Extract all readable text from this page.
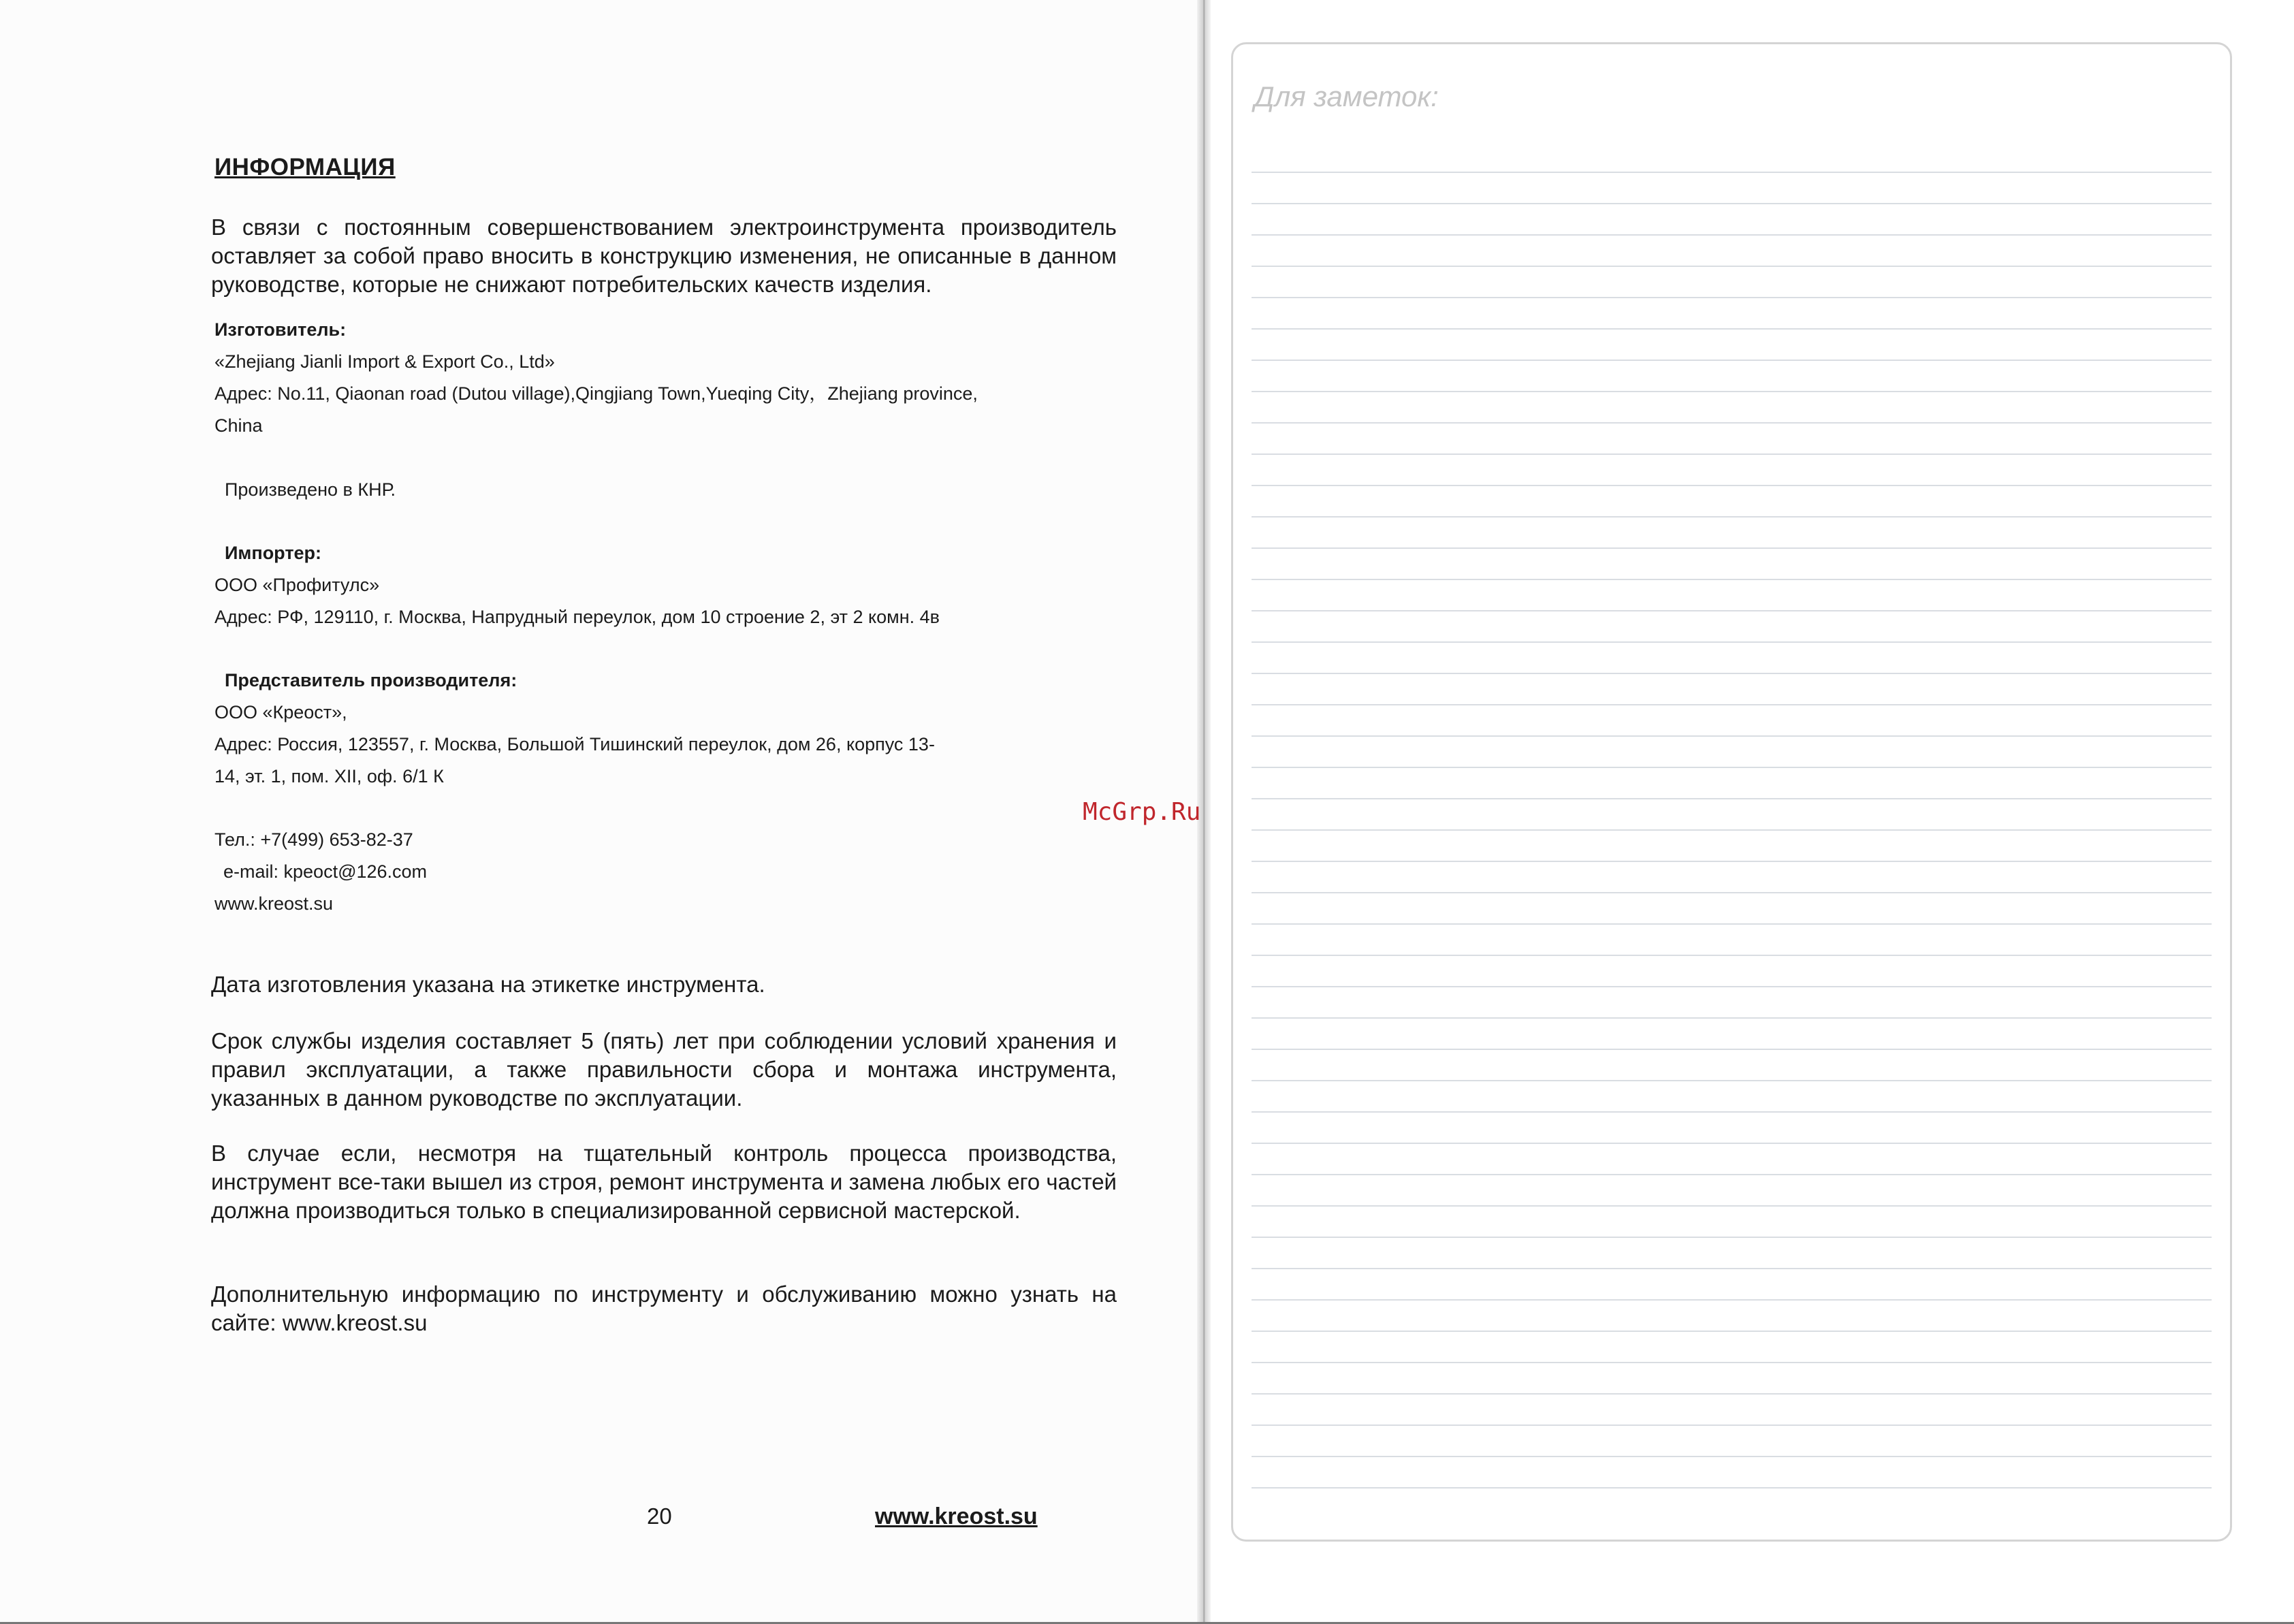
ИНФОРМАЦИЯ

В связи с постоянным совершенствованием электроинструмента производитель оставляет за собой право вносить в конструкцию изменения, не описанные в данном руководстве, которые не снижают потребительских качеств изделия.

Изготовитель:
«Zhejiang Jianli Import & Export Co., Ltd»
Адрес: No.11, Qiaonan road (Dutou village),Qingjiang Town,Yueqing City，Zhejiang province,
China
Произведено в КНР.
Импортер:
ООО «Профитулс»
Адрес: РФ, 129110, г. Москва, Напрудный переулок, дом 10 строение 2, эт 2 комн. 4в
Представитель производителя:
ООО «Креост»,
Адрес: Россия, 123557, г. Москва, Большой Тишинский переулок, дом 26, корпус 13-
14, эт. 1, пом. XII, оф. 6/1 К
Тел.: +7(499) 653-82-37
e-mail: kpeoct@126.com
www.kreost.su

Дата изготовления указана на этикетке инструмента.

Срок службы изделия составляет 5 (пять) лет при соблюдении условий хранения и правил эксплуатации, а также правильности сбора и монтажа инструмента, указанных в данном руководстве по эксплуатации.

В случае если, несмотря на тщательный контроль процесса производства, инструмент все-таки вышел из строя, ремонт инструмента и замена любых его частей должна производиться только в специализированной сервисной мастерской.

Дополнительную информацию по инструменту и обслуживанию можно узнать на сайте: www.kreost.su

20	www.kreost.su
Для заметок:
McGrp.Ru
